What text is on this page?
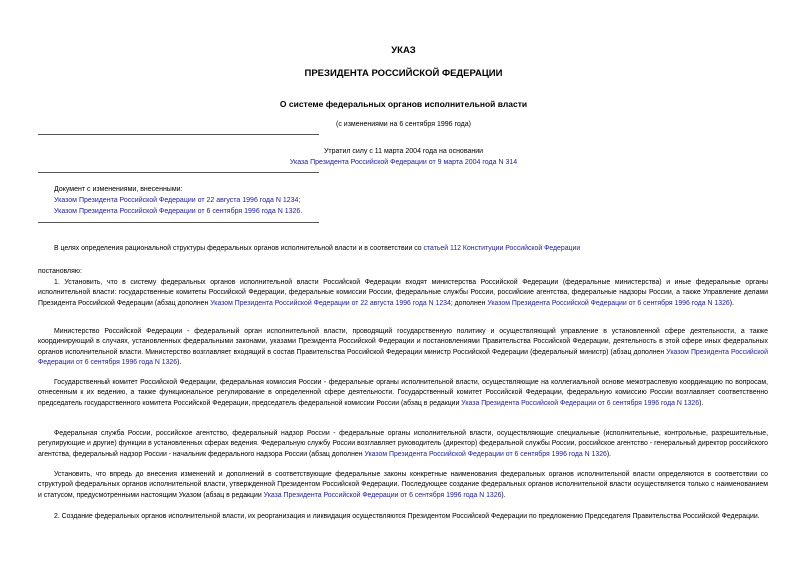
УКАЗ
ПРЕЗИДЕНТА РОССИЙСКОЙ ФЕДЕРАЦИИ
О системе федеральных органов исполнительной власти
(с изменениями на 6 сентября 1996 года)
Утратил силу с 11 марта 2004 года на основании
Указа Президента Российской Федерации от 9 марта 2004 года N 314
Документ с изменениями, внесенными:
Указом Президента Российской Федерации от 22 августа 1996 года N 1234;
Указом Президента Российской Федерации от 6 сентября 1996 года N 1326.
В целях определения рациональной структуры федеральных органов исполнительной власти и в соответствии со статьей 112 Конституции Российской Федерации
постановляю:
1. Установить, что в систему федеральных органов исполнительной власти Российской Федерации входят министерства Российской Федерации (федеральные министерства) и иные федеральные органы исполнительной власти: государственные комитеты Российской Федерации, федеральные комиссии России, федеральные службы России, российские агентства, федеральные надзоры России, а также Управление делами Президента Российской Федерации (абзац дополнен Указом Президента Российской Федерации от 22 августа 1996 года N 1234; дополнен Указом Президента Российской Федерации от 6 сентября 1996 года N 1326).
Министерство Российской Федерации - федеральный орган исполнительной власти, проводящий государственную политику и осуществляющий управление в установленной сфере деятельности, а также координирующий в случаях, установленных федеральными законами, указами Президента Российской Федерации и постановлениями Правительства Российской Федерации, деятельность в этой сфере иных федеральных органов исполнительной власти. Министерство возглавляет входящий в состав Правительства Российской Федерации министр Российской Федерации (федеральный министр) (абзац дополнен Указом Президента Российской Федерации от 6 сентября 1996 года N 1326).
Государственный комитет Российской Федерации, федеральная комиссия России - федеральные органы исполнительной власти, осуществляющие на коллегиальной основе межотраслевую координацию по вопросам, отнесенным к их ведению, а также функциональное регулирование в определенной сфере деятельности. Государственный комитет Российской Федерации, федеральную комиссию России возглавляет соответственно председатель государственного комитета Российской Федерации, председатель федеральной комиссии России (абзац в редакции Указа Президента Российской Федерации от 6 сентября 1996 года N 1326).
Федеральная служба России, российское агентство, федеральный надзор России - федеральные органы исполнительной власти, осуществляющие специальные (исполнительные, контрольные, разрешительные, регулирующие и другие) функции в установленных сферах ведения. Федеральную службу России возглавляет руководитель (директор) федеральной службы России, российское агентство - генеральный директор российского агентства, федеральный надзор России - начальник федерального надзора России (абзац дополнен Указом Президента Российской Федерации от 6 сентября 1996 года N 1326).
Установить, что впредь до внесения изменений и дополнений в соответствующие федеральные законы конкретные наименования федеральных органов исполнительной власти определяются в соответствии со структурой федеральных органов исполнительной власти, утвержденной Президентом Российской Федерации. Последующее создание федеральных органов исполнительной власти осуществляется только с наименованием и статусом, предусмотренными настоящим Указом (абзац в редакции Указа Президента Российской Федерации от 6 сентября 1996 года N 1326).
2. Создание федеральных органов исполнительной власти, их реорганизация и ликвидация осуществляются Президентом Российской Федерации по предложению Председателя Правительства Российской Федерации.
